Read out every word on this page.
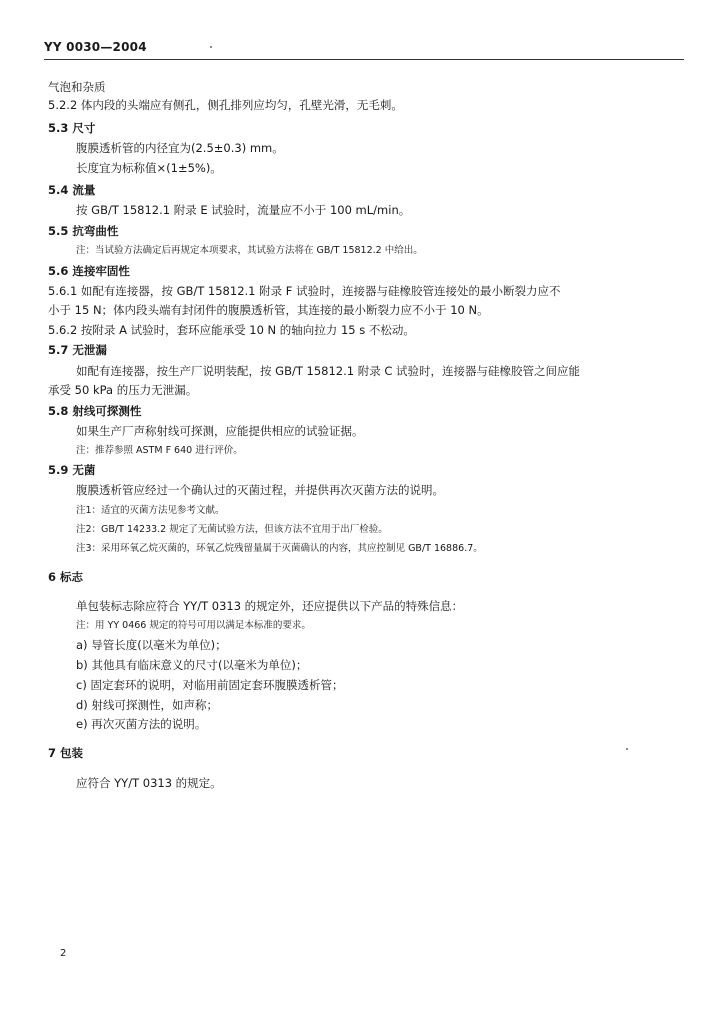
YY 0030—2004
气泡和杂质
5.2.2 体内段的头端应有侧孔，侧孔排列应均匀，孔壁光滑，无毛刺。
5.3 尺寸
腹膜透析管的内径宜为(2.5±0.3) mm。
长度宜为标称值×(1±5%)。
5.4 流量
按 GB/T 15812.1 附录 E 试验时，流量应不小于 100 mL/min。
5.5 抗弯曲性
注：当试验方法确定后再规定本项要求，其试验方法将在 GB/T 15812.2 中给出。
5.6 连接牢固性
5.6.1 如配有连接器，按 GB/T 15812.1 附录 F 试验时，连接器与硅橡胶管连接处的最小断裂力应不
小于 15 N；体内段头端有封闭件的腹膜透析管，其连接的最小断裂力应不小于 10 N。
5.6.2 按附录 A 试验时，套环应能承受 10 N 的轴向拉力 15 s 不松动。
5.7 无泄漏
如配有连接器，按生产厂说明装配，按 GB/T 15812.1 附录 C 试验时，连接器与硅橡胶管之间应能
承受 50 kPa 的压力无泄漏。
5.8 射线可探测性
如果生产厂声称射线可探测，应能提供相应的试验证据。
注：推荐参照 ASTM F 640 进行评价。
5.9 无菌
腹膜透析管应经过一个确认过的灭菌过程，并提供再次灭菌方法的说明。
注1：适宜的灭菌方法见参考文献。
注2：GB/T 14233.2 规定了无菌试验方法，但该方法不宜用于出厂检验。
注3：采用环氧乙烷灭菌的，环氧乙烷残留量属于灭菌确认的内容，其应控制见 GB/T 16886.7。
6 标志
单包装标志除应符合 YY/T 0313 的规定外，还应提供以下产品的特殊信息：
注：用 YY 0466 规定的符号可用以满足本标准的要求。
a) 导管长度(以毫米为单位)；
b) 其他具有临床意义的尺寸(以毫米为单位)；
c) 固定套环的说明，对临用前固定套环腹膜透析管；
d) 射线可探测性，如声称；
e) 再次灭菌方法的说明。
7 包装
应符合 YY/T 0313 的规定。
2
